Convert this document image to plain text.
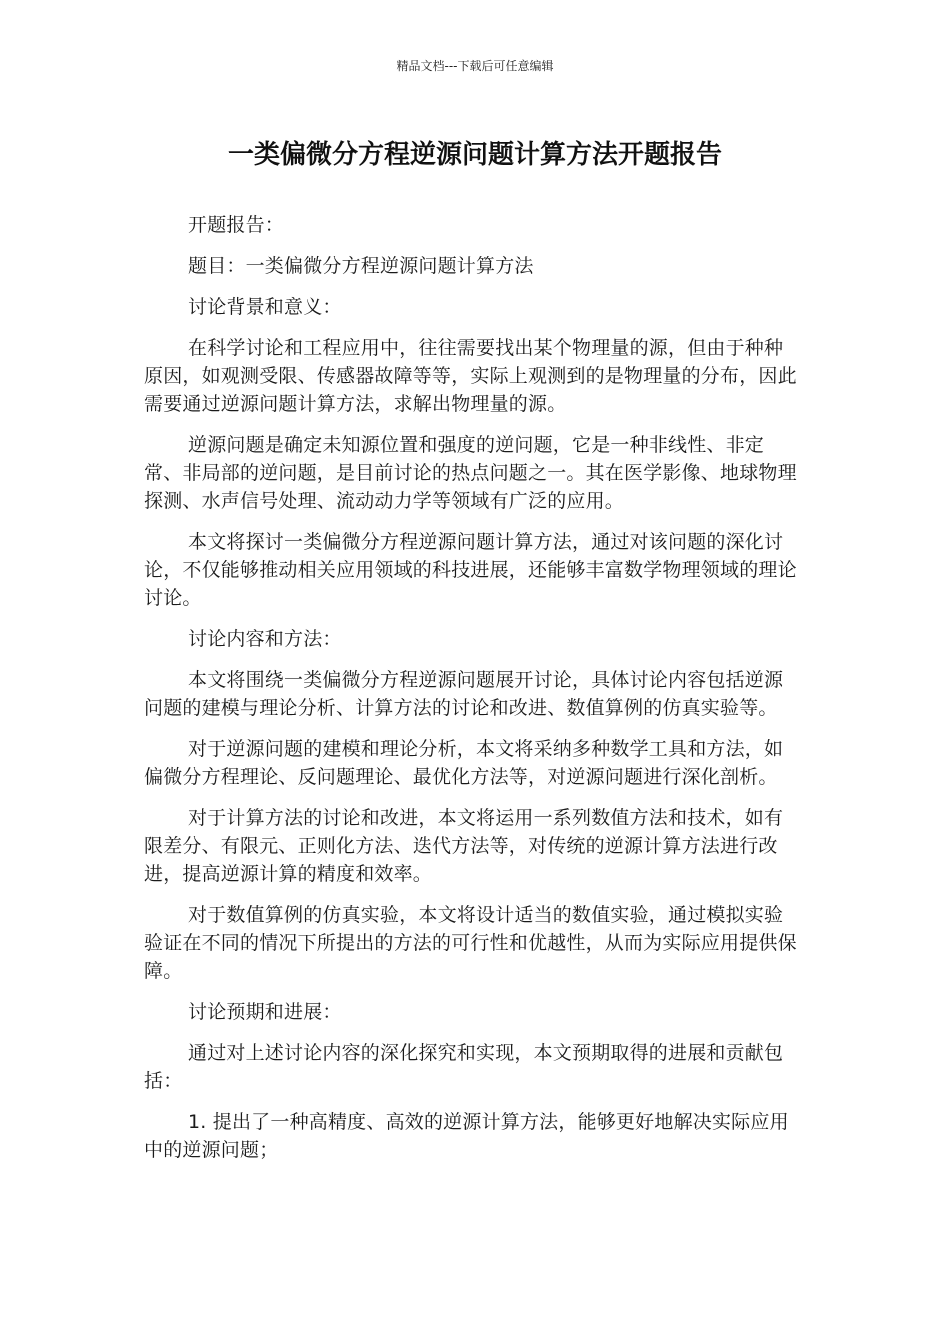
精品文档---下载后可任意编辑
一类偏微分方程逆源问题计算方法开题报告

开题报告：

题目：一类偏微分方程逆源问题计算方法

讨论背景和意义：

在科学讨论和工程应用中，往往需要找出某个物理量的源，但由于种种原因，如观测受限、传感器故障等等，实际上观测到的是物理量的分布，因此需要通过逆源问题计算方法，求解出物理量的源。

逆源问题是确定未知源位置和强度的逆问题，它是一种非线性、非定常、非局部的逆问题，是目前讨论的热点问题之一。其在医学影像、地球物理探测、水声信号处理、流动动力学等领域有广泛的应用。

本文将探讨一类偏微分方程逆源问题计算方法，通过对该问题的深化讨论，不仅能够推动相关应用领域的科技进展，还能够丰富数学物理领域的理论讨论。

讨论内容和方法：

本文将围绕一类偏微分方程逆源问题展开讨论，具体讨论内容包括逆源问题的建模与理论分析、计算方法的讨论和改进、数值算例的仿真实验等。

对于逆源问题的建模和理论分析，本文将采纳多种数学工具和方法，如偏微分方程理论、反问题理论、最优化方法等，对逆源问题进行深化剖析。

对于计算方法的讨论和改进，本文将运用一系列数值方法和技术，如有限差分、有限元、正则化方法、迭代方法等，对传统的逆源计算方法进行改进，提高逆源计算的精度和效率。

对于数值算例的仿真实验，本文将设计适当的数值实验，通过模拟实验验证在不同的情况下所提出的方法的可行性和优越性，从而为实际应用提供保障。

讨论预期和进展：

通过对上述讨论内容的深化探究和实现，本文预期取得的进展和贡献包括：

1. 提出了一种高精度、高效的逆源计算方法，能够更好地解决实际应用中的逆源问题；
